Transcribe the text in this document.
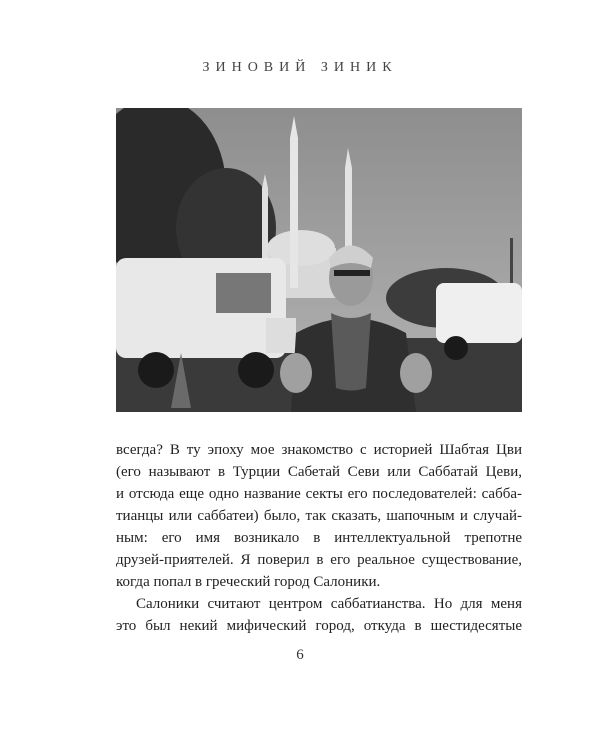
ЗИНОВИЙ ЗИНИК
всегда? В ту эпоху мое знакомство с историей Шабтая Цви
(его называют в Турции Сабетай Севи или Саббатай Цеви,
и отсюда еще одно название секты его последователей: сабба-
тианцы или саббатеи) было, так сказать, шапочным и случай-
ным: его имя возникало в интеллектуальной трепотне
друзей-приятелей. Я поверил в его реальное существование,
когда попал в греческий город Салоники.
Салоники считают центром саббатианства. Но для меня
это был некий мифический город, откуда в шестидесятые
6
